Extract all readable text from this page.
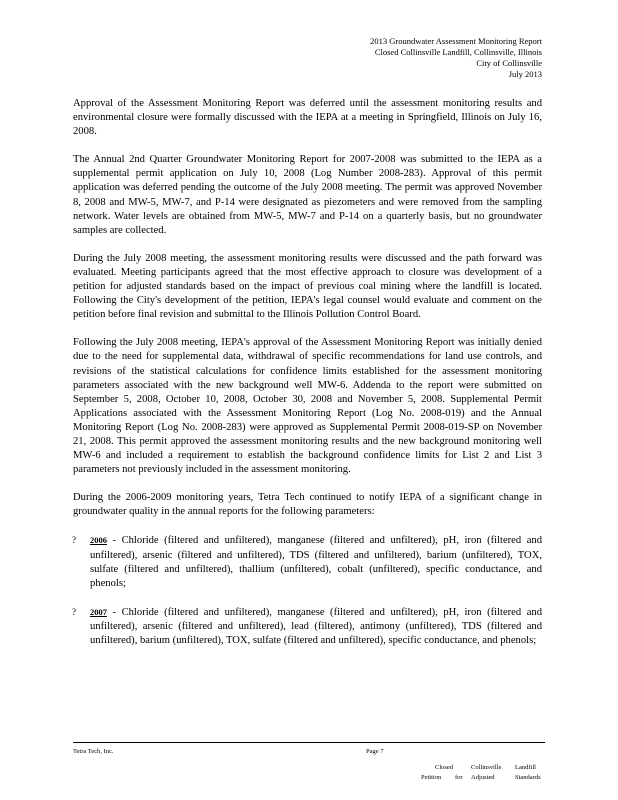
2013 Groundwater Assessment Monitoring Report
Closed Collinsville Landfill, Collinsville, Illinois
City of Collinsville
July 2013

Approval of the Assessment Monitoring Report was deferred until the assessment monitoring results and environmental closure were formally discussed with the IEPA at a meeting in Springfield, Illinois on July 16, 2008.

The Annual 2nd Quarter Groundwater Monitoring Report for 2007-2008 was submitted to the IEPA as a supplemental permit application on July 10, 2008 (Log Number 2008-283). Approval of this permit application was deferred pending the outcome of the July 2008 meeting. The permit was approved November 8, 2008 and MW-5, MW-7, and P-14 were designated as piezometers and were removed from the sampling network. Water levels are obtained from MW-5, MW-7 and P-14 on a quarterly basis, but no groundwater samples are collected.

During the July 2008 meeting, the assessment monitoring results were discussed and the path forward was evaluated. Meeting participants agreed that the most effective approach to closure was development of a petition for adjusted standards based on the impact of previous coal mining where the landfill is located. Following the City's development of the petition, IEPA's legal counsel would evaluate and comment on the petition before final revision and submittal to the Illinois Pollution Control Board.

Following the July 2008 meeting, IEPA's approval of the Assessment Monitoring Report was initially denied due to the need for supplemental data, withdrawal of specific recommendations for land use controls, and revisions of the statistical calculations for confidence limits established for the assessment monitoring parameters associated with the new background well MW-6. Addenda to the report were submitted on September 5, 2008, October 10, 2008, October 30, 2008 and November 5, 2008. Supplemental Permit Applications associated with the Assessment Monitoring Report (Log No. 2008-019) and the Annual Monitoring Report (Log No. 2008-283) were approved as Supplemental Permit 2008-019-SP on November 21, 2008. This permit approved the assessment monitoring results and the new background monitoring well MW-6 and included a requirement to establish the background confidence limits for List 2 and List 3 parameters not previously included in the assessment monitoring.

During the 2006-2009 monitoring years, Tetra Tech continued to notify IEPA of a significant change in groundwater quality in the annual reports for the following parameters:

? 2006 - Chloride (filtered and unfiltered), manganese (filtered and unfiltered), pH, iron (filtered and unfiltered), arsenic (filtered and unfiltered), TDS (filtered and unfiltered), barium (unfiltered), TOX, sulfate (filtered and unfiltered), thallium (unfiltered), cobalt (unfiltered), specific conductance, and phenols;
? 2007 - Chloride (filtered and unfiltered), manganese (filtered and unfiltered), pH, iron (filtered and unfiltered), arsenic (filtered and unfiltered), lead (filtered), antimony (unfiltered), TDS (filtered and unfiltered), barium (unfiltered), TOX, sulfate (filtered and unfiltered), specific conductance, and phenols;
Tetra Tech, Inc.	Page 7
Closed	Collinsville	Landfill
Petition	for	Adjusted	Standards
